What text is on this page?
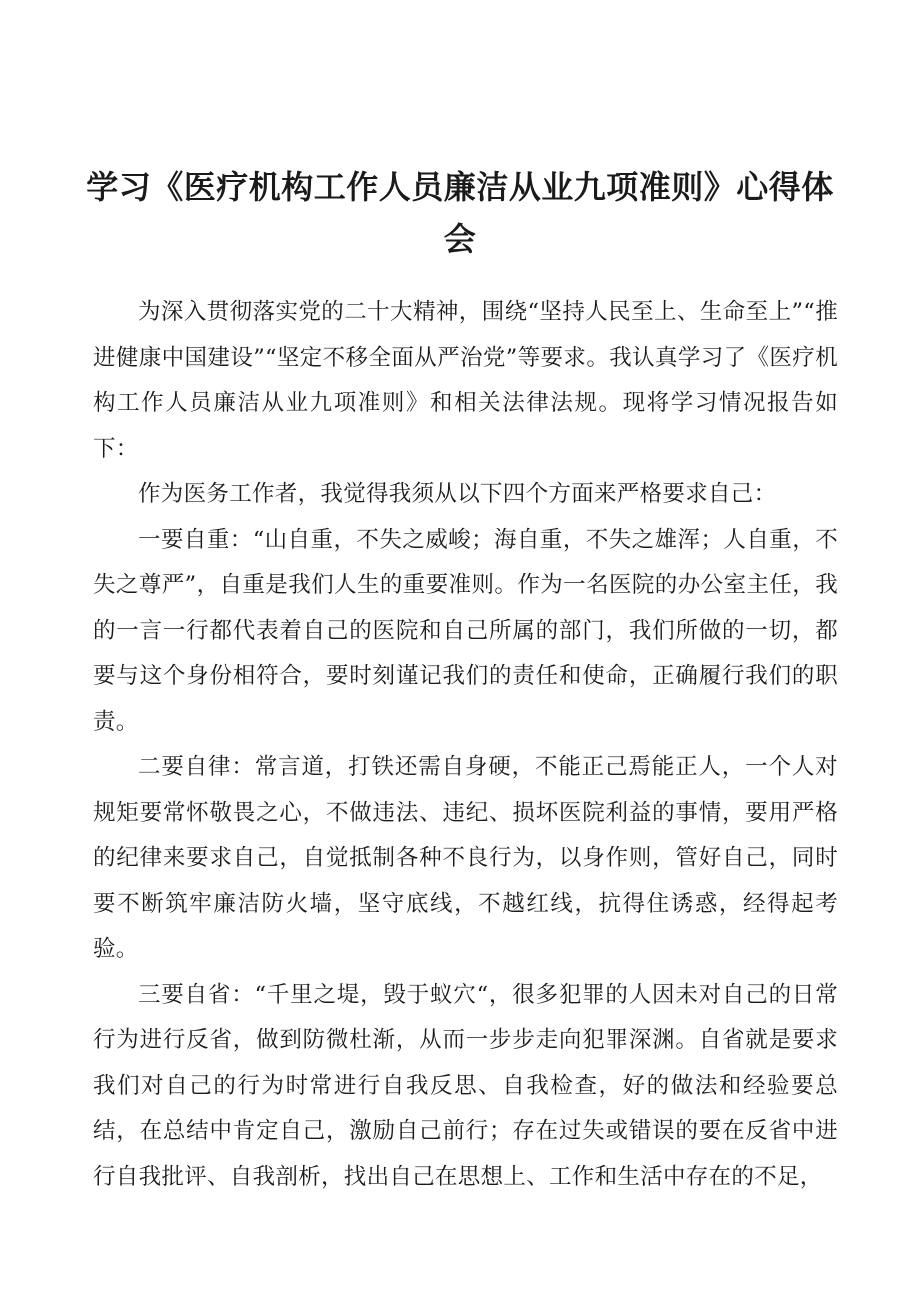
学习《医疗机构工作人员廉洁从业九项准则》心得体会

为深入贯彻落实党的二十大精神，围绕“坚持人民至上、生命至上”“推进健康中国建设”“坚定不移全面从严治党”等要求。我认真学习了《医疗机构工作人员廉洁从业九项准则》和相关法律法规。现将学习情况报告如下：

作为医务工作者，我觉得我须从以下四个方面来严格要求自己：

一要自重：“山自重，不失之威峻；海自重，不失之雄浑；人自重，不失之尊严”，自重是我们人生的重要准则。作为一名医院的办公室主任，我的一言一行都代表着自己的医院和自己所属的部门，我们所做的一切，都要与这个身份相符合，要时刻谨记我们的责任和使命，正确履行我们的职责。

二要自律：常言道，打铁还需自身硬，不能正己焉能正人，一个人对规矩要常怀敬畏之心，不做违法、违纪、损坏医院利益的事情，要用严格的纪律来要求自己，自觉抵制各种不良行为，以身作则，管好自己，同时要不断筑牢廉洁防火墙，坚守底线，不越红线，抗得住诱惑，经得起考验。

三要自省：“千里之堤，毁于蚁穴“，很多犯罪的人因未对自己的日常行为进行反省，做到防微杜渐，从而一步步走向犯罪深渊。自省就是要求我们对自己的行为时常进行自我反思、自我检查，好的做法和经验要总结，在总结中肯定自己，激励自己前行；存在过失或错误的要在反省中进行自我批评、自我剖析，找出自己在思想上、工作和生活中存在的不足，
